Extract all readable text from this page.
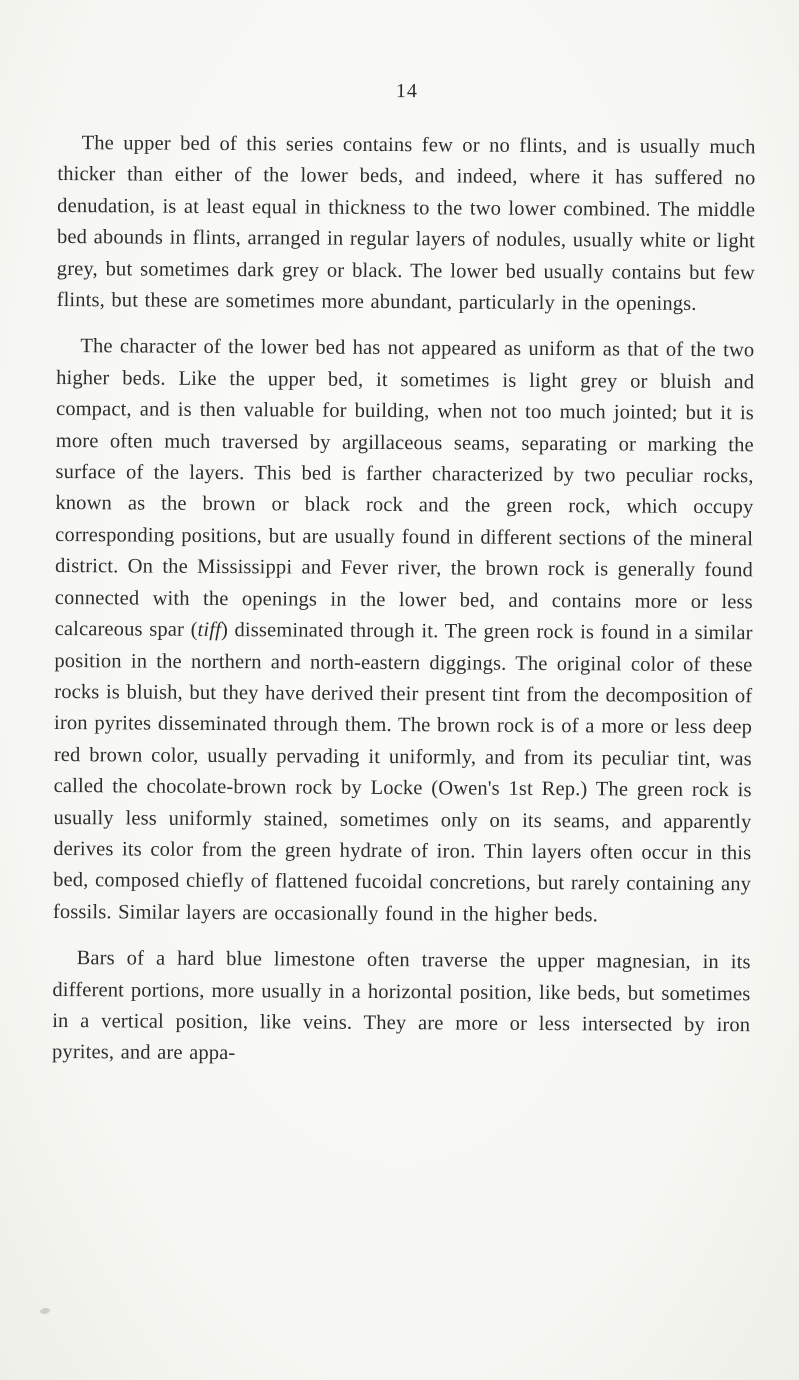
14

The upper bed of this series contains few or no flints, and is usually much thicker than either of the lower beds, and indeed, where it has suffered no denudation, is at least equal in thickness to the two lower combined. The middle bed abounds in flints, arranged in regular layers of nodules, usually white or light grey, but sometimes dark grey or black. The lower bed usually contains but few flints, but these are sometimes more abundant, particularly in the openings.

The character of the lower bed has not appeared as uniform as that of the two higher beds. Like the upper bed, it sometimes is light grey or bluish and compact, and is then valuable for building, when not too much jointed; but it is more often much traversed by argillaceous seams, separating or marking the surface of the layers. This bed is farther characterized by two peculiar rocks, known as the brown or black rock and the green rock, which occupy corresponding positions, but are usually found in different sections of the mineral district. On the Mississippi and Fever river, the brown rock is generally found connected with the openings in the lower bed, and contains more or less calcareous spar (tiff) disseminated through it. The green rock is found in a similar position in the northern and north-eastern diggings. The original color of these rocks is bluish, but they have derived their present tint from the decomposition of iron pyrites disseminated through them. The brown rock is of a more or less deep red brown color, usually pervading it uniformly, and from its peculiar tint, was called the chocolate-brown rock by Locke (Owen's 1st Rep.) The green rock is usually less uniformly stained, sometimes only on its seams, and apparently derives its color from the green hydrate of iron. Thin layers often occur in this bed, composed chiefly of flattened fucoidal concretions, but rarely containing any fossils. Similar layers are occasionally found in the higher beds.

Bars of a hard blue limestone often traverse the upper magnesian, in its different portions, more usually in a horizontal position, like beds, but sometimes in a vertical position, like veins. They are more or less intersected by iron pyrites, and are appa-
